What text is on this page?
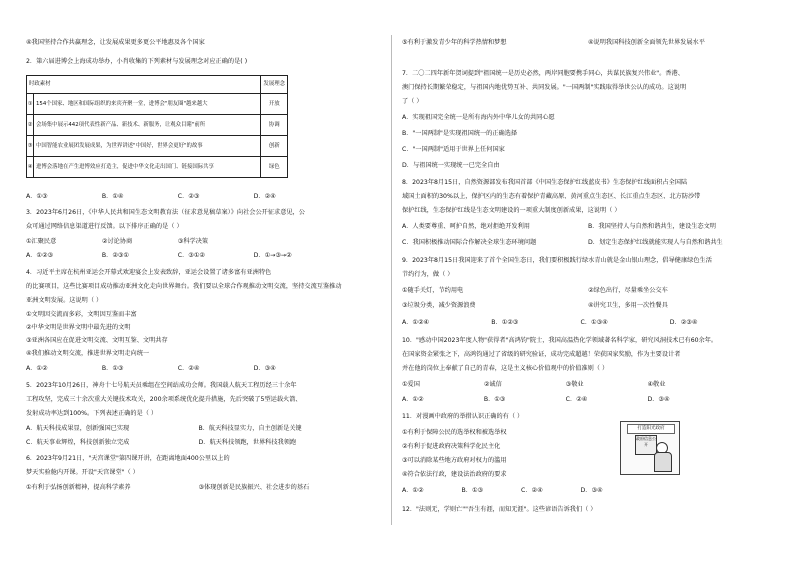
④我国坚持合作共赢理念，让发展成果更多更公平地惠及各个国家
2．第六届进博会上海成功举办，小肖收集的下列素材与发展理念对应正确的是( )
时政素材		发展理念
①	154个国家、地区和国际组织的来宾齐聚一堂，进博会"朋友圈"越来越大	开放
②	会场集中展示442项代表性新产品、新技术、新服务，让观众目睹"前所	协调
③	中国智能农业展团发展成果，为世界讲述"中国好，世界会更好"的故事	创新
④	进博会落地在产生进博效应打造主，促进中华文化走出国门、链接国际共享	绿色
A．①③	B．①④	C．②③	D．②④
3．2023年6月26日，《中华人民共和国生态文明教育法（征求意见稿草案）》向社会公开征求意见，公
众可通过网络信息渠道进行反馈。以下排序正确的是（ ）
①汇聚民意	②讨论协商	③科学决策
A．①②③	B．②③①	C．③①②	D．①→③→②
4．习近平主席在杭州亚运会开幕式欢迎宴会上发表致辞，亚运会设置了诸多富有亚洲特色
的比赛项目，这些比赛项目成功推动亚洲文化走向世界舞台。我们要以全球合作观推动文明交流，坚持交流互鉴推动
亚洲文明发展。这说明（ ）
①文明因交流而多彩，文明因互鉴而丰富
②中华文明是世界文明中最先进的文明
③亚洲各国应在促进文明交流、文明互鉴、文明共存
④我们推动文明交流，推进世界文明走向统一
A．①②	B．①③	C．②④	D．③④
5．2023年10月26日，神舟十七号航天员乘组在空间站成功会师。我国载人航天工程历经三十余年
工程攻坚，完成三十余次重大关键技术攻关，200余项系统优化提升措施，先后突破了5型运载火箭、
发射成功率达到100%。下列表述正确的是（ ）
A．航天科技成果显，创新强国已实现	B．航天科技显实力，自主创新是关键
C．航天事业辉煌，科技创新独立完成	D．航天科技领跑，世界科技我领跑
6．2023年9月21日，"天宫课堂"第四课开讲，在距离地面400公里以上的
梦天实验舱内开课。开设"天宫课堂"（ ）
①有利于弘扬创新精神，提高科学素养	③体现创新是民族振兴、社会进步的基石
⑤有利于激发青少年的科学热情和梦想	④说明我国科技创新全面领先世界发展水平
7．二〇二四年新年贺词提到"祖国统一是历史必然，两岸同胞要携手同心，共谋民族复兴伟业"。香港、
澳门保持长期繁荣稳定，与祖国内地优势互补、共同发展。"一国两制"实践取得举世公认的成功。这说明
了（ ）
A．实现祖国完全统一是所有海内外中华儿女的共同心愿
B．"一国两制"是实现祖国统一的正确选择
C．"一国两制"适用于世界上任何国家
D．与祖国统一实现统一已完全自由
8．2023年8月15日，自然资源部发布我国首部《中国生态保护红线蓝皮书》生态保护红线面积占全国陆
域国土面积的30%以上，保护区内的生态有着保护青藏高原、黄河重点生态区、长江重点生态区、北方防沙带
保护红线，生态保护红线是生态文明建设的一项重大制度创新成果，这说明（ ）
A．人类要尊重、呵护自然，绝对拒绝开发利用	B．我国坚持人与自然和谐共生，建设生态文明
C．我国积极推动国际合作解决全球生态环境问题	D．划定生态保护红线就能实现人与自然和谐共生
9．2023年8月15日我国迎来了首个全国生态日，我们要积极践行绿水青山就是金山银山理念，倡导健康绿色生活
节约行为，做（ ）
①随手关灯，节约用电	②绿色出行，尽量乘坐公交车
③垃圾分类，减少资源浪费	④讲究卫生，多用一次性餐具
A．①②④	B．①②③	C．①③④	D．②③④
10．"感动中国2023年度人物"获得者"高鸿钧"院士，我国高温热化学领域著名科学家，研究风洞技术已有60余年。
在国家资金紧张之下，高鸿钧通过了省级的研究验证，成功完成超越！荣获国家奖励，作为主要设计者
并在他的岗位上奉献了自己的青春，这是主义核心价值观中的价值准则（ ）
①爱国	②诚信	③敬业	④敬业
A．①②	B．①③	C．②④	D．③④
11．对漫画中政府的举措认识正确的有（ ）
①有利于保障公民的选举权和被选举权
②有利于促进政府决策科学化民主化
③可以消除某些地方政府对权力的滥用
④符合依法行政，建设法治政府的要求
A．①②	B．①③	C．②④	D．③④
打造阳光政府
政府信息公开
12．"法则无，学则亡""吾生有涯，而知无涯"。这些谚语告诉我们（ ）
